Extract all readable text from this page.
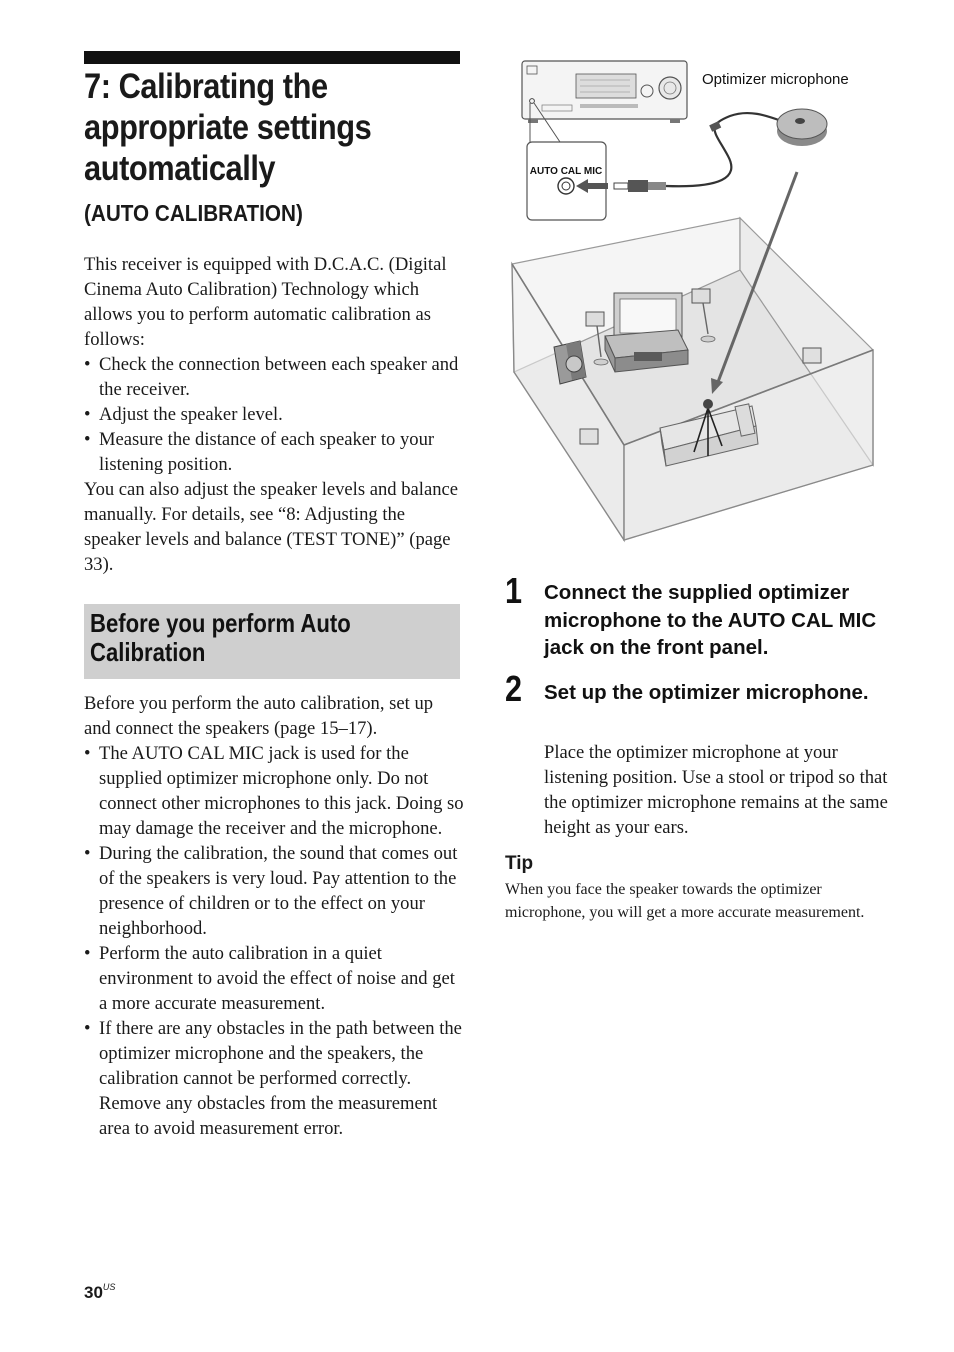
7: Calibrating the
appropriate settings
automatically
(AUTO CALIBRATION)

This receiver is equipped with D.C.A.C. (Digital Cinema Auto Calibration) Technology which allows you to perform automatic calibration as follows:

• Check the connection between each speaker and the receiver.
• Adjust the speaker level.
• Measure the distance of each speaker to your listening position.

You can also adjust the speaker levels and balance manually. For details, see “8: Adjusting the speaker levels and balance (TEST TONE)” (page 33).

Before you perform Auto Calibration

Before you perform the auto calibration, set up and connect the speakers (page 15–17).

• The AUTO CAL MIC jack is used for the supplied optimizer microphone only. Do not connect other microphones to this jack. Doing so may damage the receiver and the microphone.
• During the calibration, the sound that comes out of the speakers is very loud. Pay attention to the presence of children or to the effect on your neighborhood.
• Perform the auto calibration in a quiet environment to avoid the effect of noise and get a more accurate measurement.
• If there are any obstacles in the path between the optimizer microphone and the speakers, the calibration cannot be performed correctly. Remove any obstacles from the measurement area to avoid measurement error.
AUTO CAL MIC
Optimizer microphone
1 Connect the supplied optimizer microphone to the AUTO CAL MIC jack on the front panel.
2 Set up the optimizer microphone.
Place the optimizer microphone at your listening position. Use a stool or tripod so that the optimizer microphone remains at the same height as your ears.
Tip
When you face the speaker towards the optimizer microphone, you will get a more accurate measurement.
$30^{US}$
